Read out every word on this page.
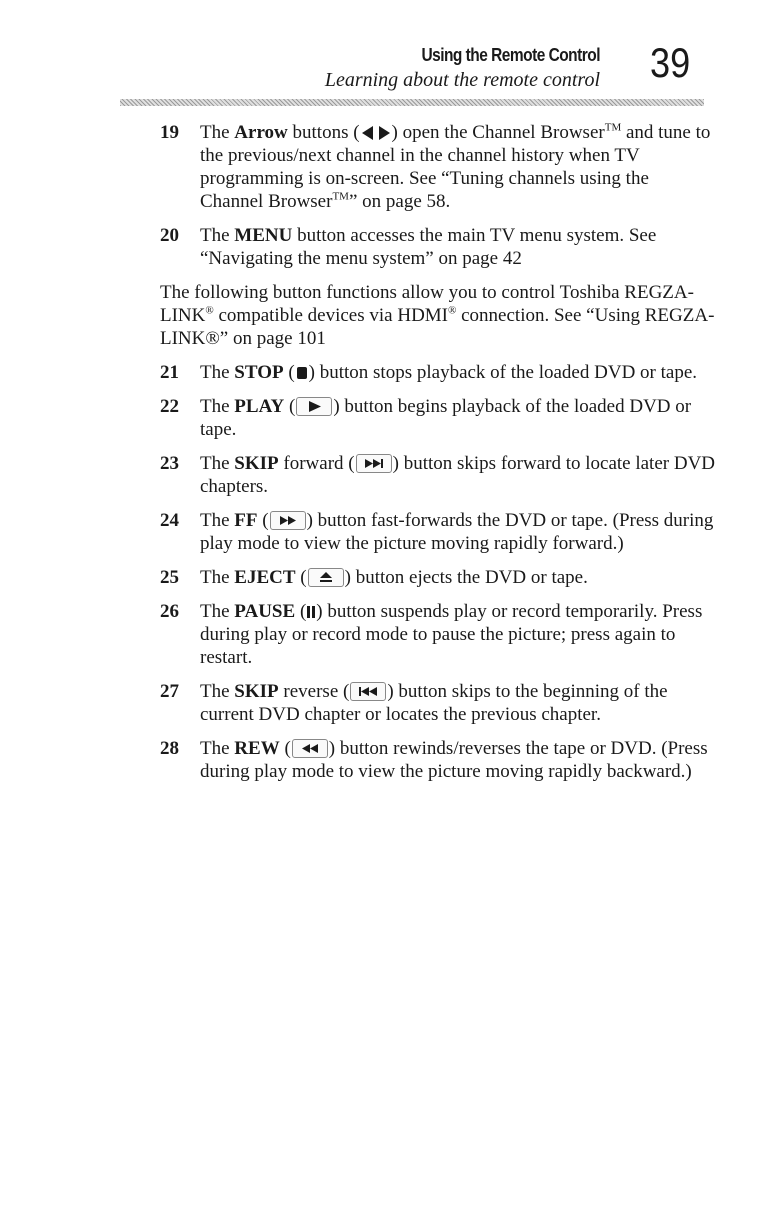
Using the Remote Control
Learning about the remote control 39
19	The Arrow buttons ( ) open the Channel Browser™ and tune to the previous/next channel in the channel history when TV programming is on-screen. See “Tuning channels using the Channel Browser™” on page 58.
20	The MENU button accesses the main TV menu system. See “Navigating the menu system” on page 42

The following button functions allow you to control Toshiba REGZA-LINK® compatible devices via HDMI® connection. See “Using REGZA-LINK®” on page 101

21	The STOP ( ) button stops playback of the loaded DVD or tape.
22	The PLAY ( ) button begins playback of the loaded DVD or tape.
23	The SKIP forward ( ) button skips forward to locate later DVD chapters.
24	The FF ( ) button fast-forwards the DVD or tape. (Press during play mode to view the picture moving rapidly forward.)
25	The EJECT ( ) button ejects the DVD or tape.
26	The PAUSE ( ) button suspends play or record temporarily. Press during play or record mode to pause the picture; press again to restart.
27	The SKIP reverse ( ) button skips to the beginning of the current DVD chapter or locates the previous chapter.
28	The REW ( ) button rewinds/reverses the tape or DVD. (Press during play mode to view the picture moving rapidly backward.)
